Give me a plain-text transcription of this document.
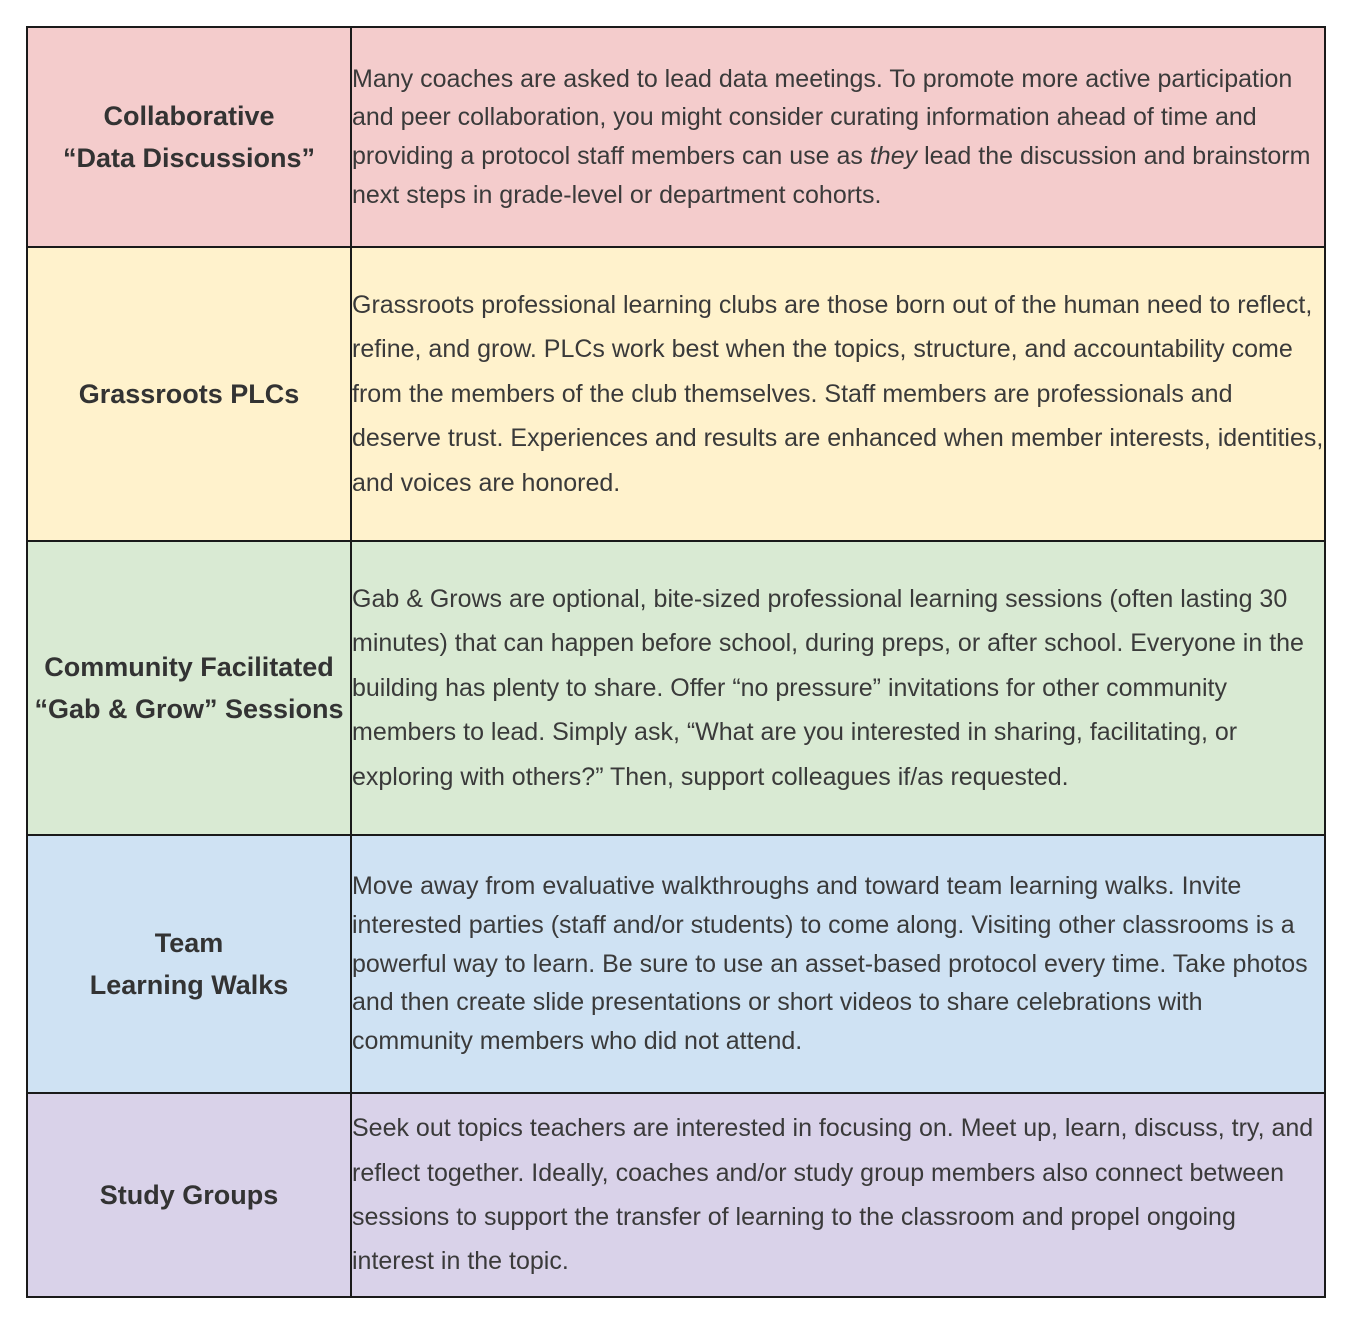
Collaborative
“Data Discussions”	Many coaches are asked to lead data meetings. To promote more active participation and peer collaboration, you might consider curating information ahead of time and providing a protocol staff members can use as they lead the discussion and brainstorm next steps in grade-level or department cohorts.
Grassroots PLCs	Grassroots professional learning clubs are those born out of the human need to reflect, refine, and grow. PLCs work best when the topics, structure, and accountability come from the members of the club themselves. Staff members are professionals and deserve trust. Experiences and results are enhanced when member interests, identities, and voices are honored.
Community Facilitated “Gab & Grow” Sessions	Gab & Grows are optional, bite-sized professional learning sessions (often lasting 30 minutes) that can happen before school, during preps, or after school. Everyone in the building has plenty to share. Offer “no pressure” invitations for other community members to lead. Simply ask, “What are you interested in sharing, facilitating, or exploring with others?” Then, support colleagues if/as requested.
Team
Learning Walks	Move away from evaluative walkthroughs and toward team learning walks. Invite interested parties (staff and/or students) to come along. Visiting other classrooms is a powerful way to learn. Be sure to use an asset-based protocol every time. Take photos and then create slide presentations or short videos to share celebrations with community members who did not attend.
Study Groups	Seek out topics teachers are interested in focusing on. Meet up, learn, discuss, try, and reflect together. Ideally, coaches and/or study group members also connect between sessions to support the transfer of learning to the classroom and propel ongoing interest in the topic.
